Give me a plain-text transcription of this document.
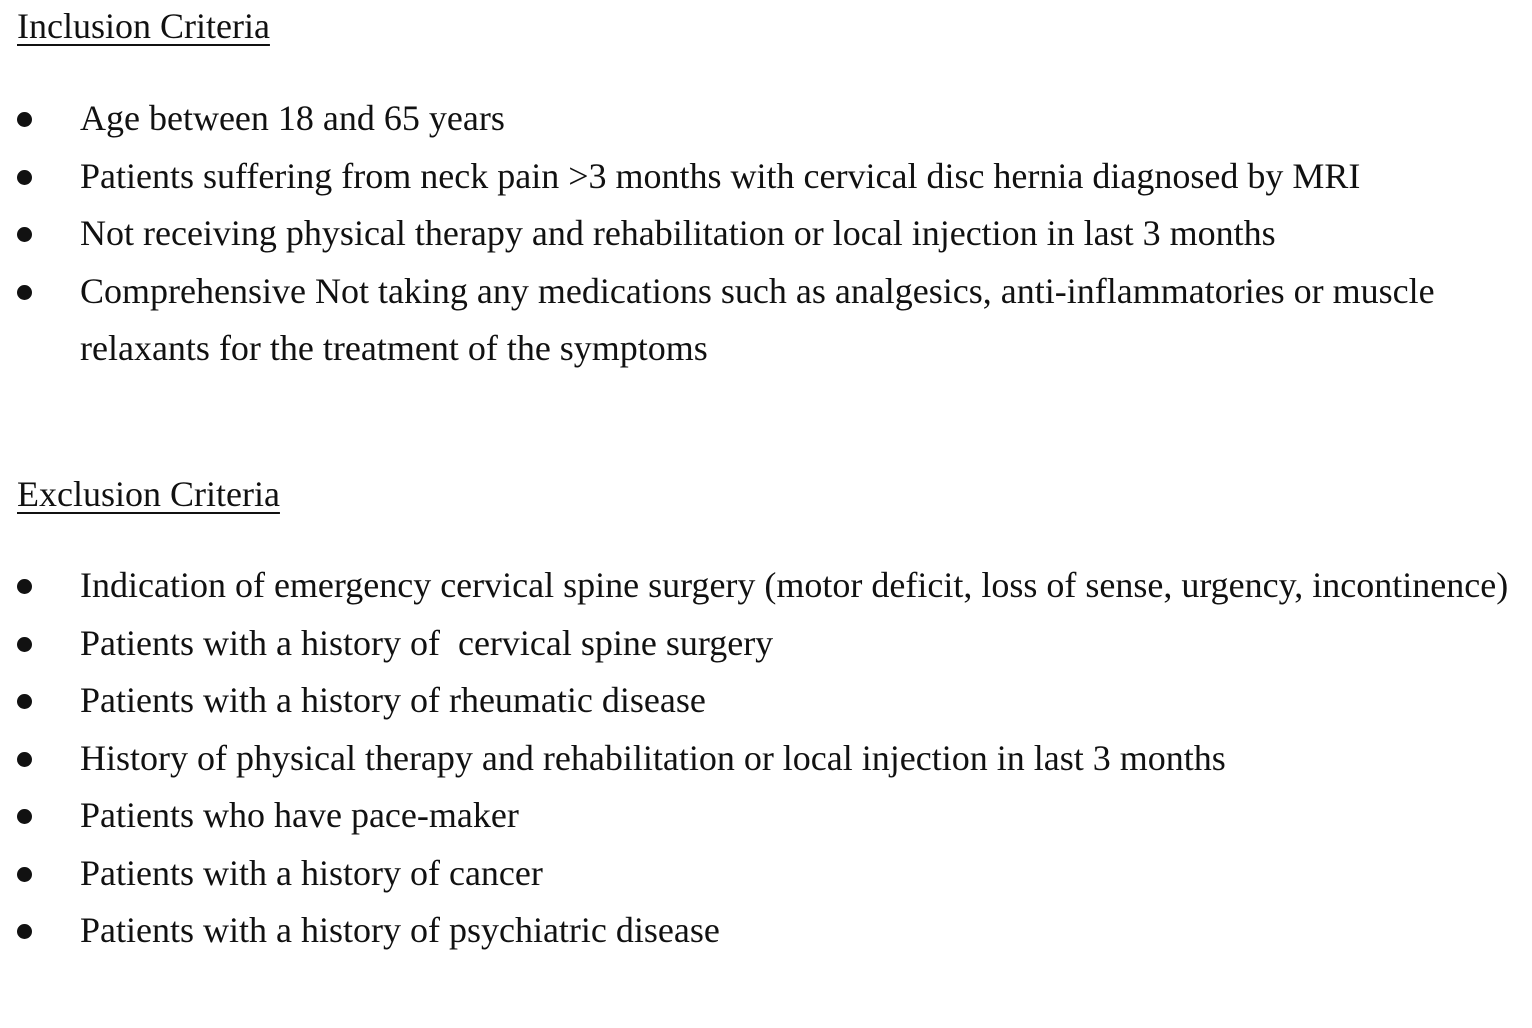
Inclusion Criteria
Age between 18 and 65 years
Patients suffering from neck pain >3 months with cervical disc hernia diagnosed by MRI
Not receiving physical therapy and rehabilitation or local injection in last 3 months
Comprehensive Not taking any medications such as analgesics, anti-inflammatories or muscle relaxants for the treatment of the symptoms
Exclusion Criteria
Indication of emergency cervical spine surgery (motor deficit, loss of sense, urgency, incontinence)
Patients with a history of  cervical spine surgery
Patients with a history of rheumatic disease
History of physical therapy and rehabilitation or local injection in last 3 months
Patients who have pace-maker
Patients with a history of cancer
Patients with a history of psychiatric disease
